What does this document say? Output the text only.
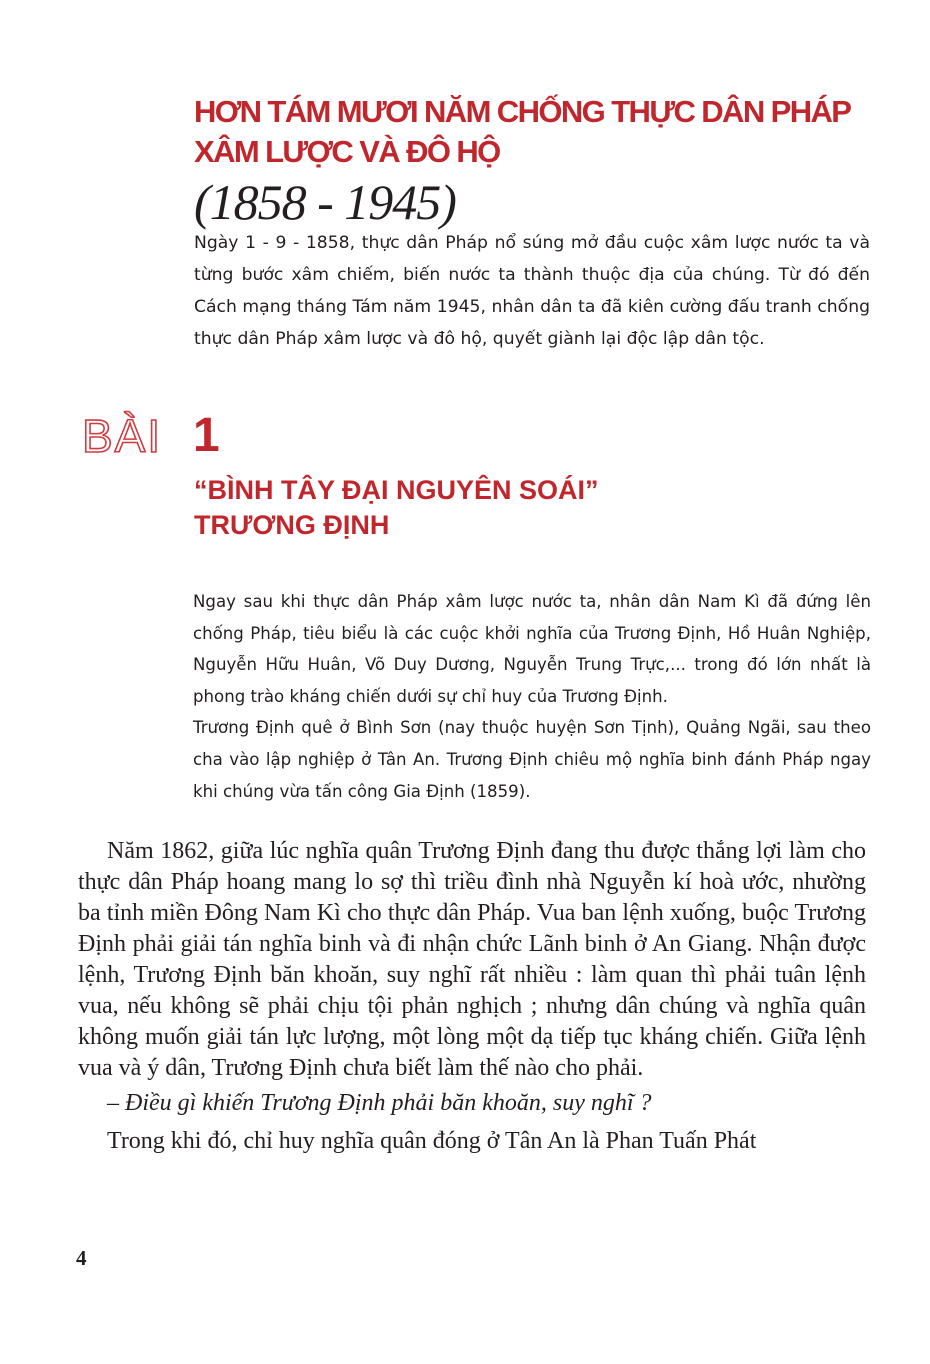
HƠN TÁM MƯƠI NĂM CHỐNG THỰC DÂN PHÁP
XÂM LƯỢC VÀ ĐÔ HỘ
(1858 - 1945)

Ngày 1 - 9 - 1858, thực dân Pháp nổ súng mở đầu cuộc xâm lược nước ta và từng bước xâm chiếm, biến nước ta thành thuộc địa của chúng. Từ đó đến Cách mạng tháng Tám năm 1945, nhân dân ta đã kiên cường đấu tranh chống thực dân Pháp xâm lược và đô hộ, quyết giành lại độc lập dân tộc.

BÀI 1
“BÌNH TÂY ĐẠI NGUYÊN SOÁI”
TRƯƠNG ĐỊNH

Ngay sau khi thực dân Pháp xâm lược nước ta, nhân dân Nam Kì đã đứng lên chống Pháp, tiêu biểu là các cuộc khởi nghĩa của Trương Định, Hồ Huân Nghiệp, Nguyễn Hữu Huân, Võ Duy Dương, Nguyễn Trung Trực,... trong đó lớn nhất là phong trào kháng chiến dưới sự chỉ huy của Trương Định.

Trương Định quê ở Bình Sơn (nay thuộc huyện Sơn Tịnh), Quảng Ngãi, sau theo cha vào lập nghiệp ở Tân An. Trương Định chiêu mộ nghĩa binh đánh Pháp ngay khi chúng vừa tấn công Gia Định (1859).

Năm 1862, giữa lúc nghĩa quân Trương Định đang thu được thắng lợi làm cho thực dân Pháp hoang mang lo sợ thì triều đình nhà Nguyễn kí hoà ước, nhường ba tỉnh miền Đông Nam Kì cho thực dân Pháp. Vua ban lệnh xuống, buộc Trương Định phải giải tán nghĩa binh và đi nhận chức Lãnh binh ở An Giang. Nhận được lệnh, Trương Định băn khoăn, suy nghĩ rất nhiều : làm quan thì phải tuân lệnh vua, nếu không sẽ phải chịu tội phản nghịch ; nhưng dân chúng và nghĩa quân không muốn giải tán lực lượng, một lòng một dạ tiếp tục kháng chiến. Giữa lệnh vua và ý dân, Trương Định chưa biết làm thế nào cho phải.

– Điều gì khiến Trương Định phải băn khoăn, suy nghĩ ?

Trong khi đó, chỉ huy nghĩa quân đóng ở Tân An là Phan Tuấn Phát

4
